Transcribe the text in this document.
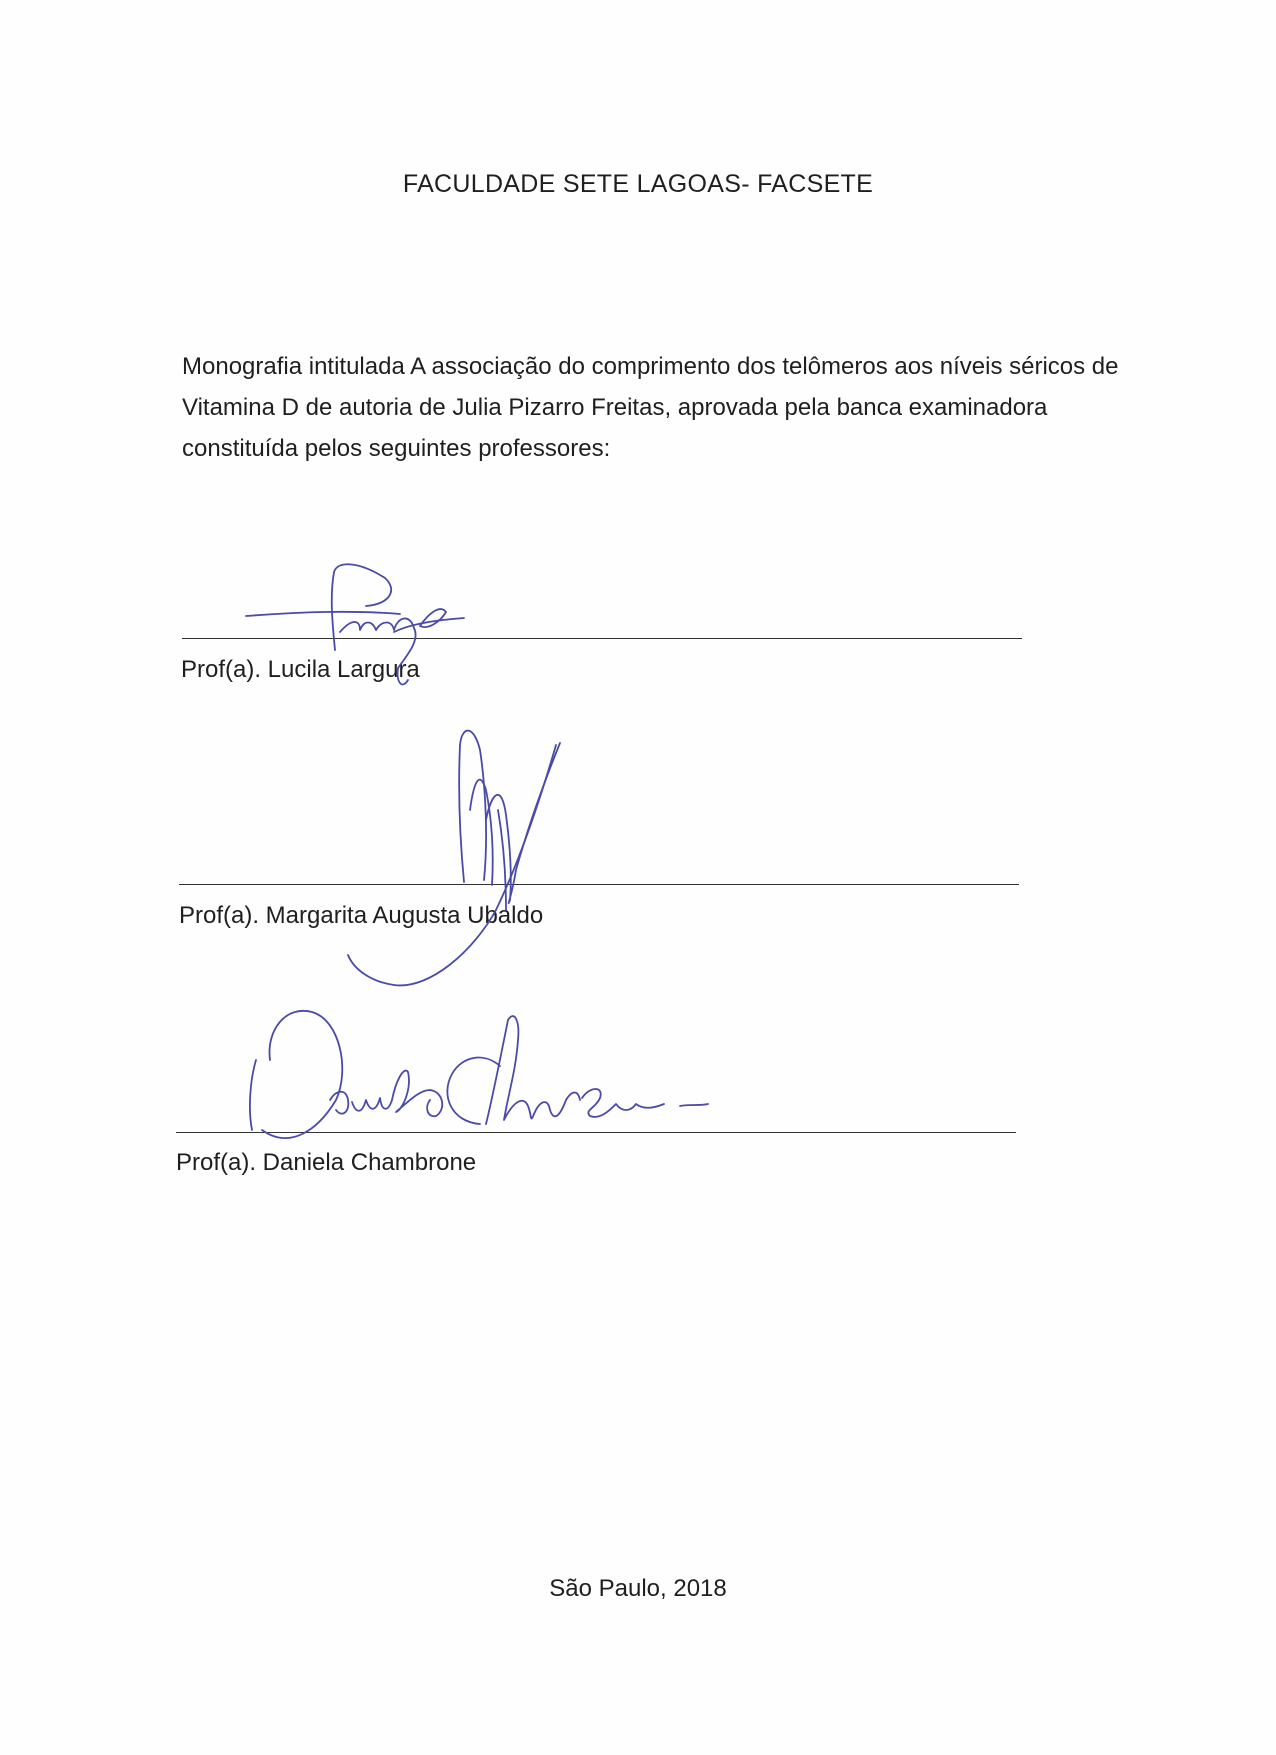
FACULDADE SETE LAGOAS- FACSETE
Monografia intitulada A associação do comprimento dos telômeros aos níveis séricos de Vitamina D de autoria de Julia Pizarro Freitas, aprovada pela banca examinadora constituída pelos seguintes professores:
Prof(a). Lucila Largura
Prof(a). Margarita Augusta Ubaldo
Prof(a). Daniela Chambrone
São Paulo, 2018
